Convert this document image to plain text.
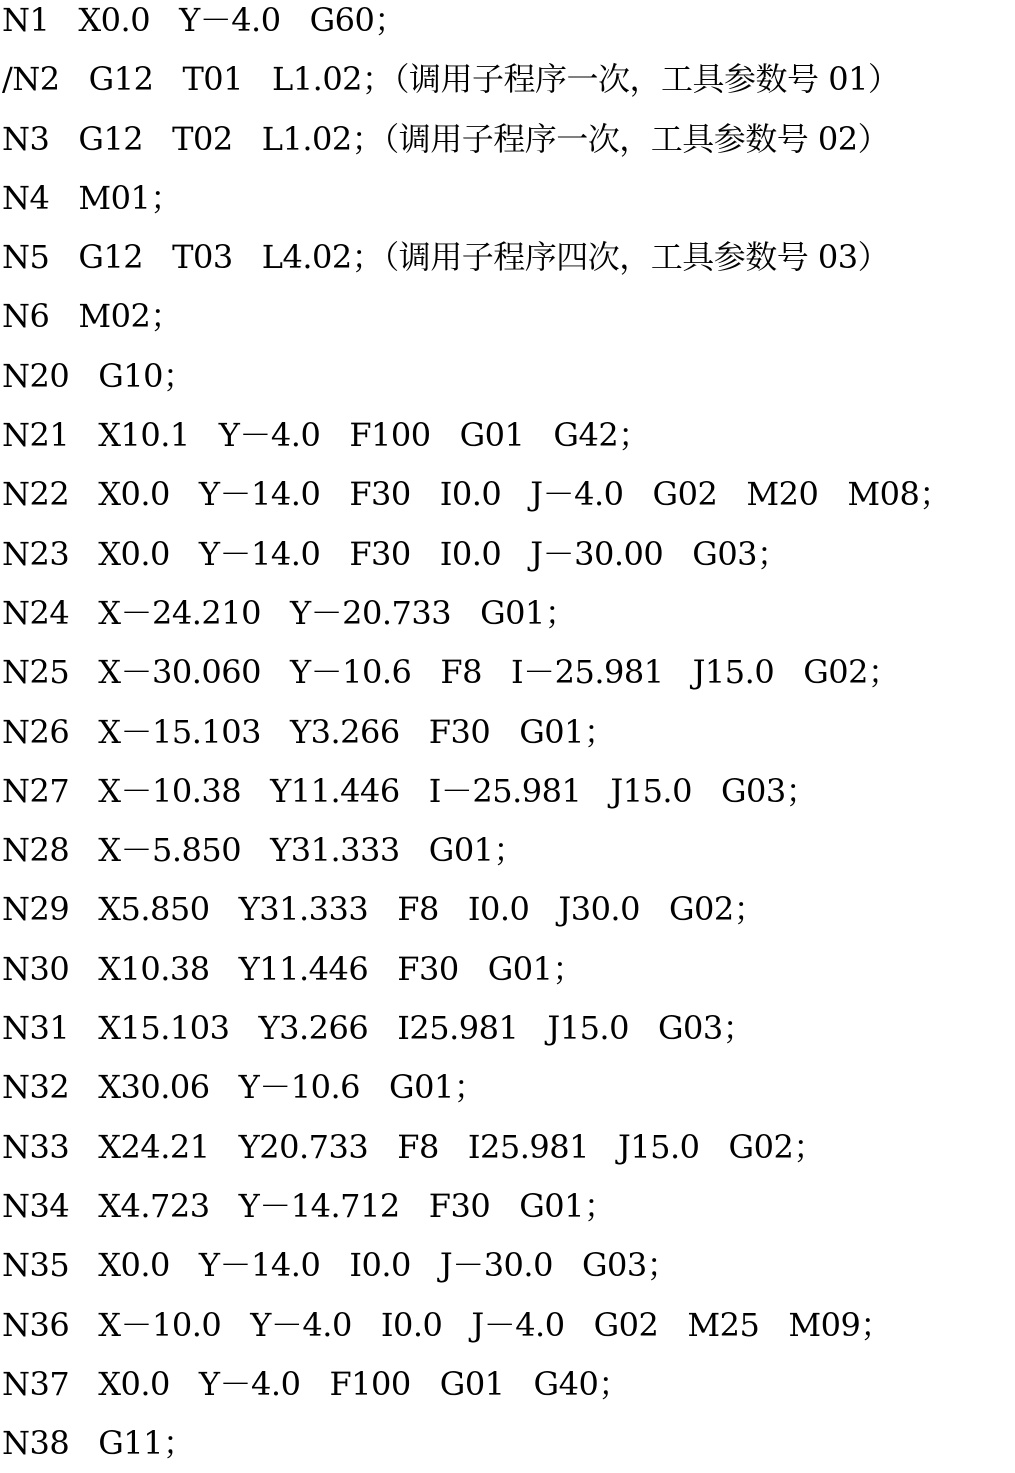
N1   X0.0   Y－4.0   G60；
/N2   G12   T01   L1.02；（调用子程序一次，工具参数号 01）
N3   G12   T02   L1.02；（调用子程序一次，工具参数号 02）
N4   M01；
N5   G12   T03   L4.02；（调用子程序四次，工具参数号 03）
N6   M02；
N20   G10；
N21   X10.1   Y－4.0   F100   G01   G42；
N22   X0.0   Y－14.0   F30   I0.0   J－4.0   G02   M20   M08；
N23   X0.0   Y－14.0   F30   I0.0   J－30.00   G03；
N24   X－24.210   Y－20.733   G01；
N25   X－30.060   Y－10.6   F8   I－25.981   J15.0   G02；
N26   X－15.103   Y3.266   F30   G01；
N27   X－10.38   Y11.446   I－25.981   J15.0   G03；
N28   X－5.850   Y31.333   G01；
N29   X5.850   Y31.333   F8   I0.0   J30.0   G02；
N30   X10.38   Y11.446   F30   G01；
N31   X15.103   Y3.266   I25.981   J15.0   G03；
N32   X30.06   Y－10.6   G01；
N33   X24.21   Y20.733   F8   I25.981   J15.0   G02；
N34   X4.723   Y－14.712   F30   G01；
N35   X0.0   Y－14.0   I0.0   J－30.0   G03；
N36   X－10.0   Y－4.0   I0.0   J－4.0   G02   M25   M09；
N37   X0.0   Y－4.0   F100   G01   G40；
N38   G11；
